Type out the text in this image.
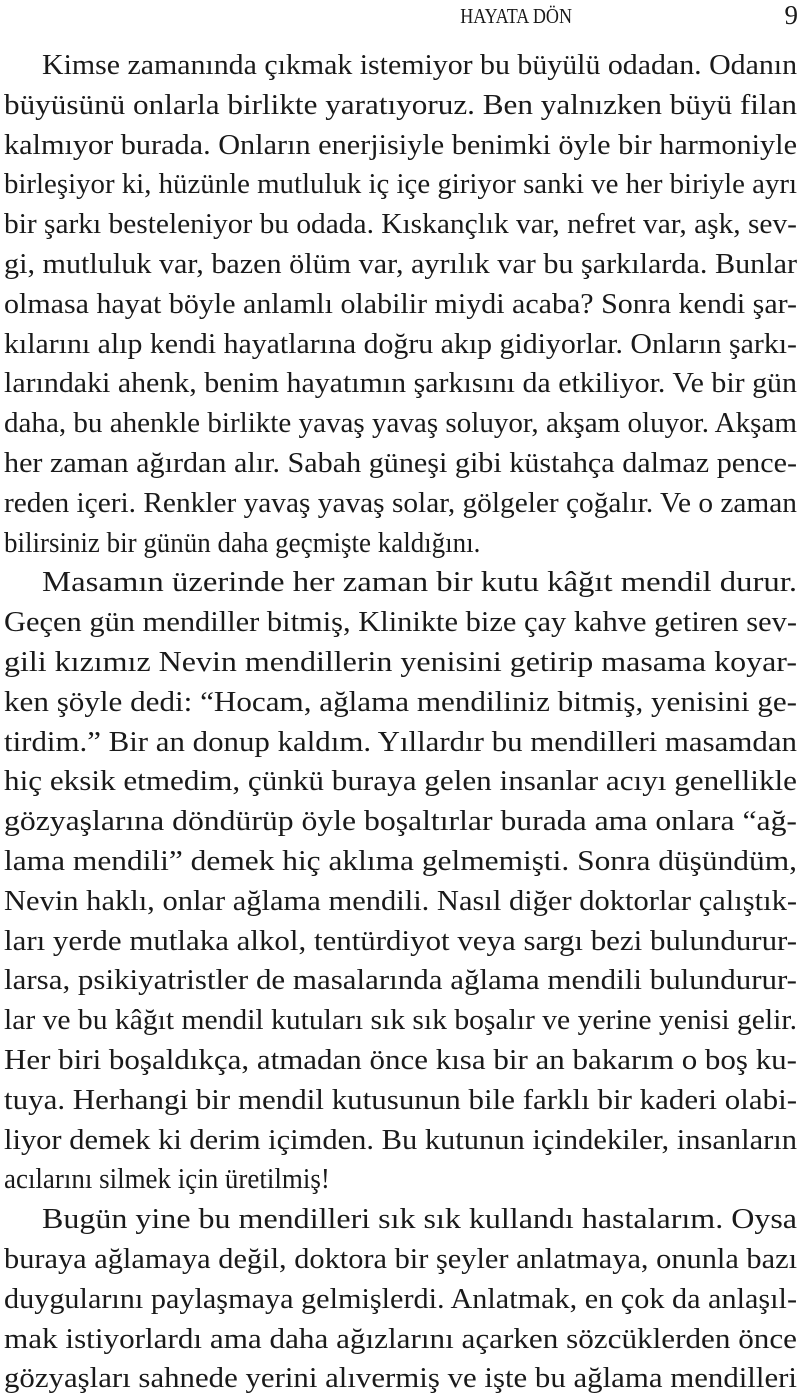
HAYATA DÖN	9
Kimse zamanında çıkmak istemiyor bu büyülü odadan. Odanın
büyüsünü onlarla birlikte yaratıyoruz. Ben yalnızken büyü filan
kalmıyor burada. Onların enerjisiyle benimki öyle bir harmoniyle
birleşiyor ki, hüzünle mutluluk iç içe giriyor sanki ve her biriyle ayrı
bir şarkı besteleniyor bu odada. Kıskançlık var, nefret var, aşk, sev-
gi, mutluluk var, bazen ölüm var, ayrılık var bu şarkılarda. Bunlar
olmasa hayat böyle anlamlı olabilir miydi acaba? Sonra kendi şar-
kılarını alıp kendi hayatlarına doğru akıp gidiyorlar. Onların şarkı-
larındaki ahenk, benim hayatımın şarkısını da etkiliyor. Ve bir gün
daha, bu ahenkle birlikte yavaş yavaş soluyor, akşam oluyor. Akşam
her zaman ağırdan alır. Sabah güneşi gibi küstahça dalmaz pence-
reden içeri. Renkler yavaş yavaş solar, gölgeler çoğalır. Ve o zaman
bilirsiniz bir günün daha geçmişte kaldığını.
Masamın üzerinde her zaman bir kutu kâğıt mendil durur.
Geçen gün mendiller bitmiş, Klinikte bize çay kahve getiren sev-
gili kızımız Nevin mendillerin yenisini getirip masama koyar-
ken şöyle dedi: “Hocam, ağlama mendiliniz bitmiş, yenisini ge-
tirdim.” Bir an donup kaldım. Yıllardır bu mendilleri masamdan
hiç eksik etmedim, çünkü buraya gelen insanlar acıyı genellikle
gözyaşlarına döndürüp öyle boşaltırlar burada ama onlara “ağ-
lama mendili” demek hiç aklıma gelmemişti. Sonra düşündüm,
Nevin haklı, onlar ağlama mendili. Nasıl diğer doktorlar çalıştık-
ları yerde mutlaka alkol, tentürdiyot veya sargı bezi bulundurur-
larsa, psikiyatristler de masalarında ağlama mendili bulundurur-
lar ve bu kâğıt mendil kutuları sık sık boşalır ve yerine yenisi gelir.
Her biri boşaldıkça, atmadan önce kısa bir an bakarım o boş ku-
tuya. Herhangi bir mendil kutusunun bile farklı bir kaderi olabi-
liyor demek ki derim içimden. Bu kutunun içindekiler, insanların
acılarını silmek için üretilmiş!
Bugün yine bu mendilleri sık sık kullandı hastalarım. Oysa
buraya ağlamaya değil, doktora bir şeyler anlatmaya, onunla bazı
duygularını paylaşmaya gelmişlerdi. Anlatmak, en çok da anlaşıl-
mak istiyorlardı ama daha ağızlarını açarken sözcüklerden önce
gözyaşları sahnede yerini alıvermiş ve işte bu ağlama mendilleri
